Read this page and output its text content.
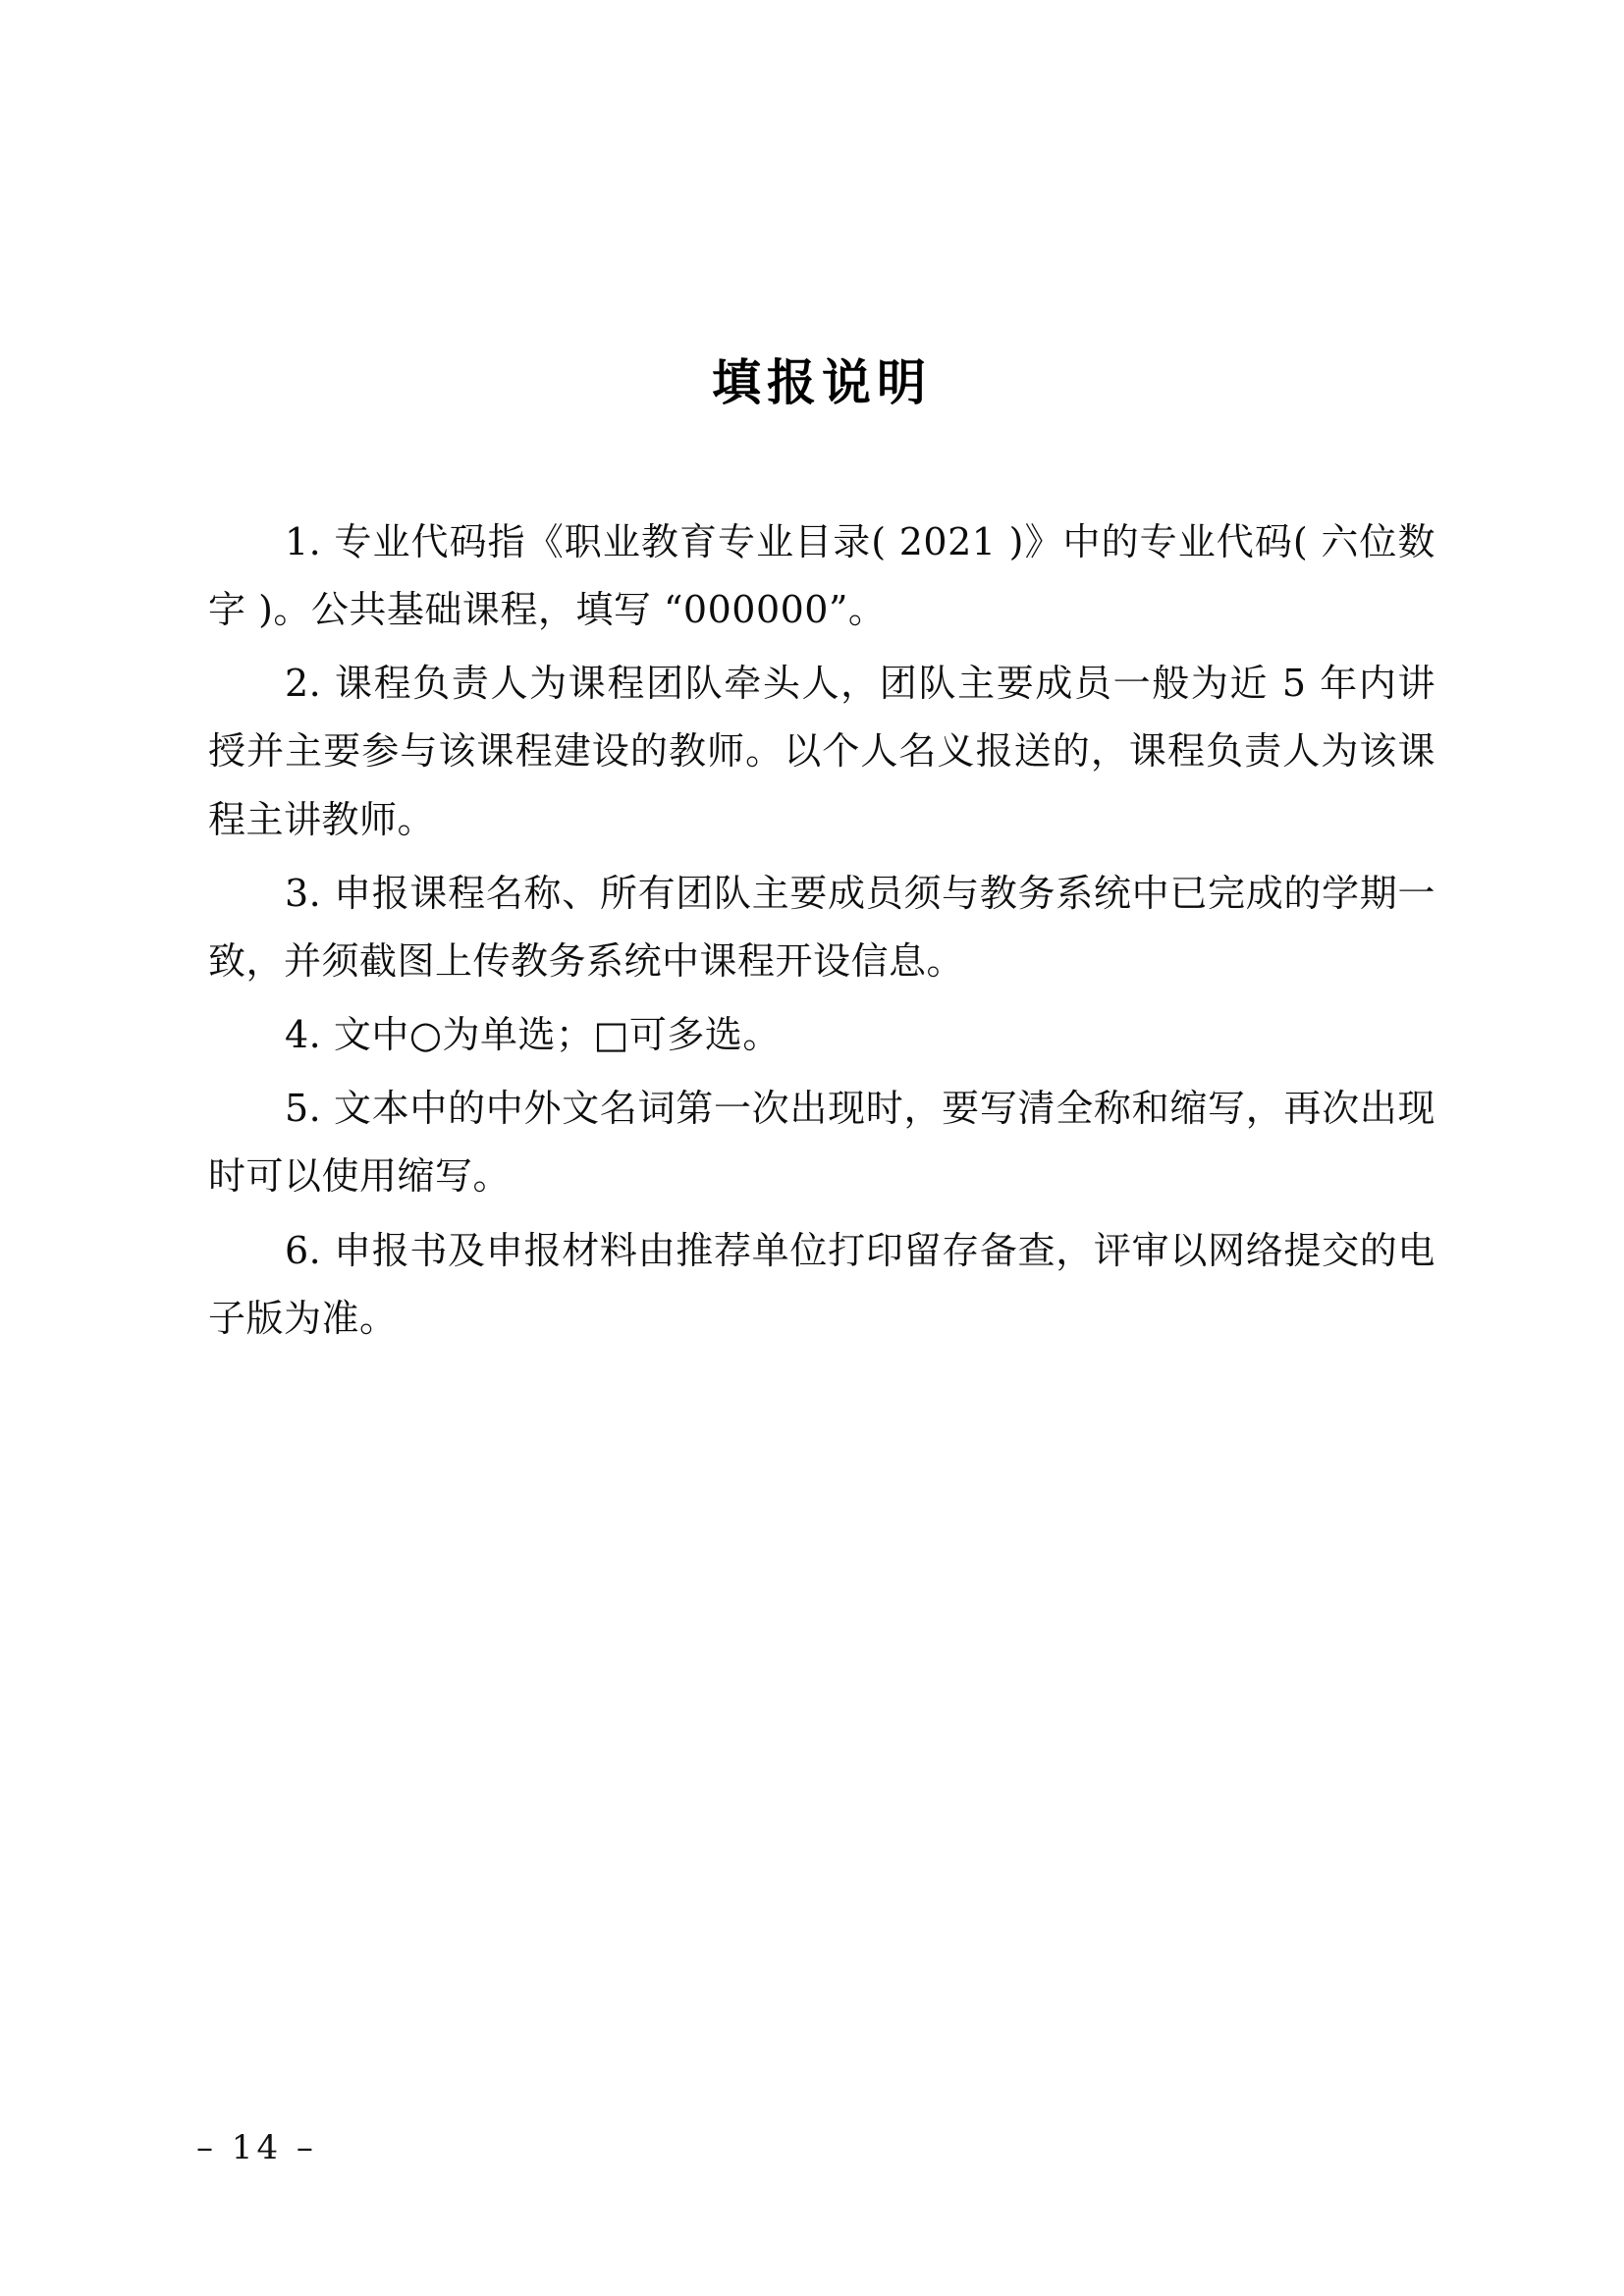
填报说明

1. 专业代码指《职业教育专业目录( 2021 )》中的专业代码( 六位数字 )。公共基础课程，填写 “000000”。

2. 课程负责人为课程团队牵头人，团队主要成员一般为近 5 年内讲授并主要参与该课程建设的教师。以个人名义报送的，课程负责人为该课程主讲教师。

3. 申报课程名称、所有团队主要成员须与教务系统中已完成的学期一致，并须截图上传教务系统中课程开设信息。

4. 文中○为单选；□可多选。

5. 文本中的中外文名词第一次出现时，要写清全称和缩写，再次出现时可以使用缩写。

6. 申报书及申报材料由推荐单位打印留存备查，评审以网络提交的电子版为准。

– 14 –
